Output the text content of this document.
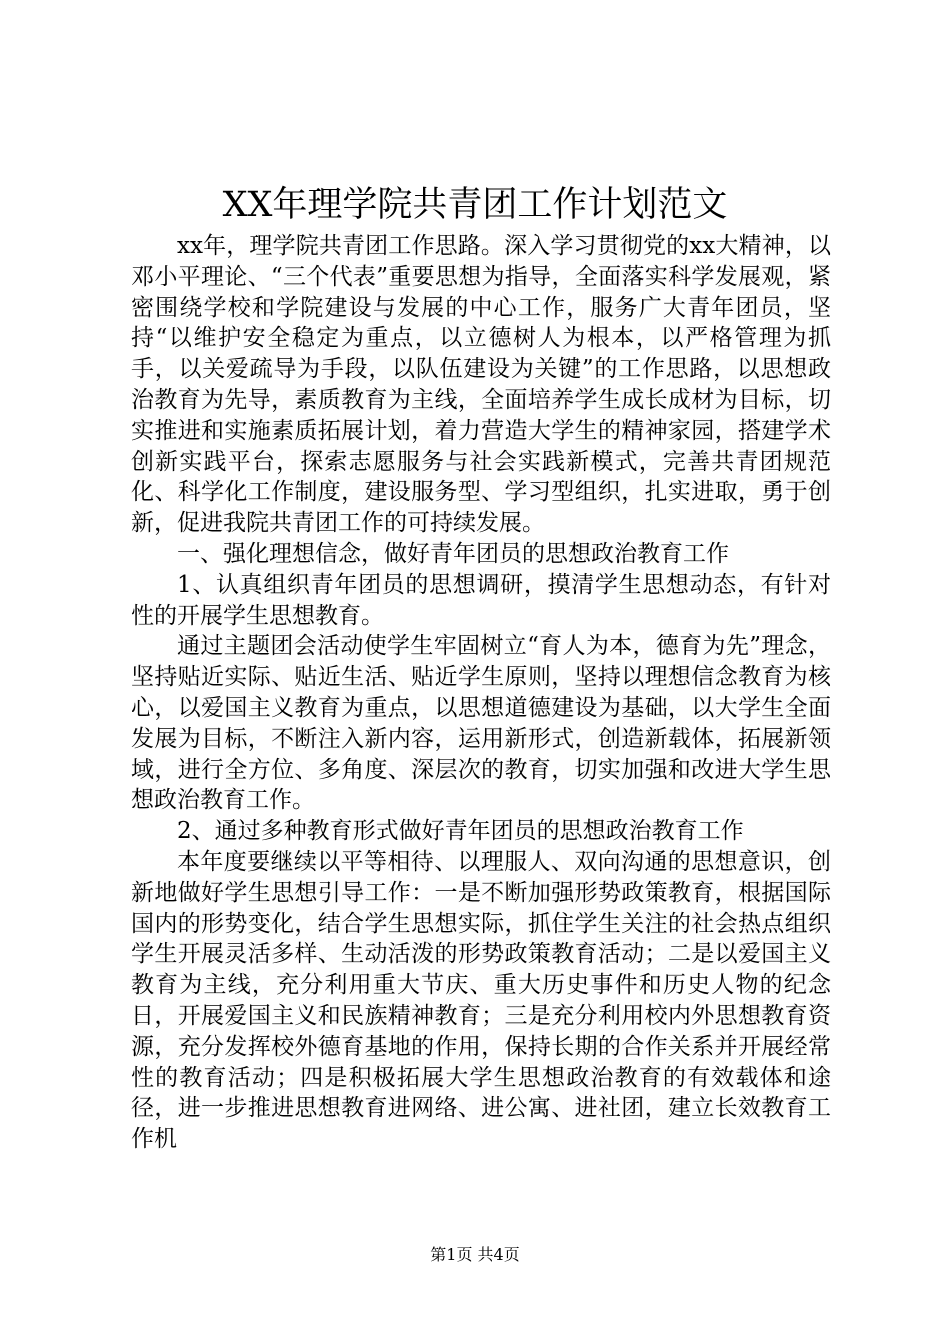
XX年理学院共青团工作计划范文

xx年，理学院共青团工作思路。深入学习贯彻党的xx大精神，以邓小平理论、“三个代表”重要思想为指导，全面落实科学发展观，紧密围绕学校和学院建设与发展的中心工作，服务广大青年团员，坚持“以维护安全稳定为重点，以立德树人为根本，以严格管理为抓手，以关爱疏导为手段，以队伍建设为关键”的工作思路，以思想政治教育为先导，素质教育为主线，全面培养学生成长成材为目标，切实推进和实施素质拓展计划，着力营造大学生的精神家园，搭建学术创新实践平台，探索志愿服务与社会实践新模式，完善共青团规范化、科学化工作制度，建设服务型、学习型组织，扎实进取，勇于创新，促进我院共青团工作的可持续发展。

一、强化理想信念，做好青年团员的思想政治教育工作

1、认真组织青年团员的思想调研，摸清学生思想动态，有针对性的开展学生思想教育。

通过主题团会活动使学生牢固树立“育人为本，德育为先”理念，坚持贴近实际、贴近生活、贴近学生原则，坚持以理想信念教育为核心，以爱国主义教育为重点，以思想道德建设为基础，以大学生全面发展为目标，不断注入新内容，运用新形式，创造新载体，拓展新领域，进行全方位、多角度、深层次的教育，切实加强和改进大学生思想政治教育工作。

2、通过多种教育形式做好青年团员的思想政治教育工作

本年度要继续以平等相待、以理服人、双向沟通的思想意识，创新地做好学生思想引导工作：一是不断加强形势政策教育，根据国际国内的形势变化，结合学生思想实际，抓住学生关注的社会热点组织学生开展灵活多样、生动活泼的形势政策教育活动；二是以爱国主义教育为主线，充分利用重大节庆、重大历史事件和历史人物的纪念日，开展爱国主义和民族精神教育；三是充分利用校内外思想教育资源，充分发挥校外德育基地的作用，保持长期的合作关系并开展经常性的教育活动；四是积极拓展大学生思想政治教育的有效载体和途径，进一步推进思想教育进网络、进公寓、进社团，建立长效教育工作机

第1页 共4页
